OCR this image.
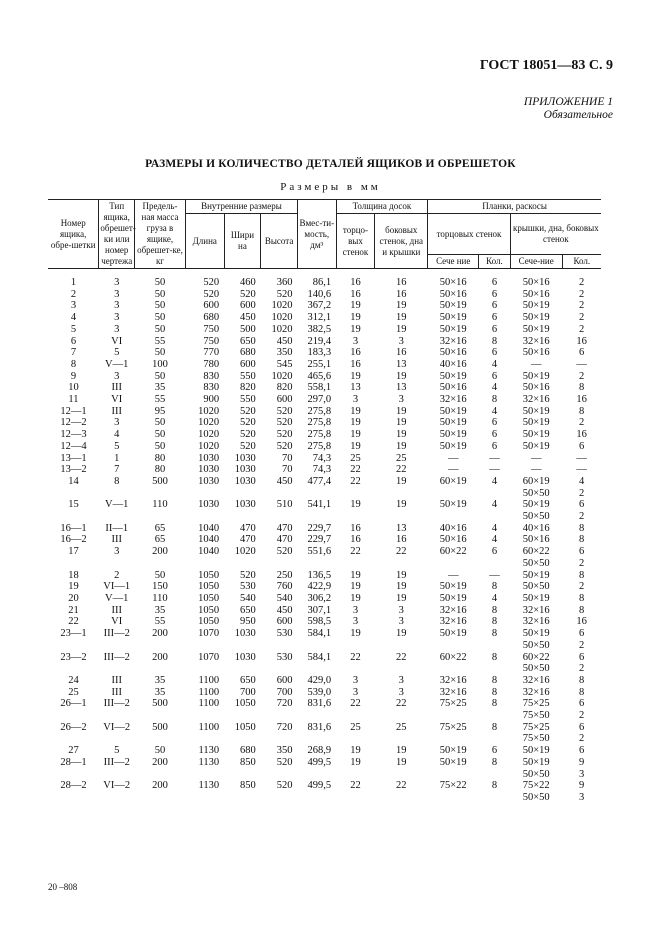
ГОСТ 18051—83 С. 9
ПРИЛОЖЕНИЕ 1
Обязательное
РАЗМЕРЫ И КОЛИЧЕСТВО ДЕТАЛЕЙ ЯЩИКОВ И ОБРЕШЕТОК
Размеры в мм
Номер ящика, обре-шетки	Тип ящика, обрешет-ки или номер чертежа	Предель-ная масса груза в ящике, обрешет-ке, кг	Внутренние размеры			Вмес-ти-мость, дм³	Толщина досок		Планки, раскосы			
			Длина	Шири на	Высота		торцо-вых стенок	боковых стенок, дна и крышки	торцовых стенок		крышки, дна, боковых стенок	
									Сече ние	Кол.	Сече-ние	Кол.

1	3	50	520	460	360	86,1	16	16	50×16	6	50×16	2
2	3	50	520	520	520	140,6	16	16	50×16	6	50×16	2
3	3	50	600	600	1020	367,2	19	19	50×19	6	50×19	2
4	3	50	680	450	1020	312,1	19	19	50×19	6	50×19	2
5	3	50	750	500	1020	382,5	19	19	50×19	6	50×19	2
6	VI	55	750	650	450	219,4	3	3	32×16	8	32×16	16
7	5	50	770	680	350	183,3	16	16	50×16	6	50×16	6
8	V—1	100	780	600	545	255,1	16	13	40×16	4	—	—
9	3	50	830	550	1020	465,6	19	19	50×19	6	50×19	2
10	III	35	830	820	820	558,1	13	13	50×16	4	50×16	8
11	VI	55	900	550	600	297,0	3	3	32×16	8	32×16	16
12—1	III	95	1020	520	520	275,8	19	19	50×19	4	50×19	8
12—2	3	50	1020	520	520	275,8	19	19	50×19	6	50×19	2
12—3	4	50	1020	520	520	275,8	19	19	50×19	6	50×19	16
12—4	5	50	1020	520	520	275,8	19	19	50×19	6	50×19	6
13—1	1	80	1030	1030	70	74,3	25	25	—	—	—	—
13—2	7	80	1030	1030	70	74,3	22	22	—	—	—	—
14	8	500	1030	1030	450	477,4	22	19	60×19	4	60×19	4
											50×50	2
15	V—1	110	1030	1030	510	541,1	19	19	50×19	4	50×19	6
											50×50	2
16—1	II—1	65	1040	470	470	229,7	16	13	40×16	4	40×16	8
16—2	III	65	1040	470	470	229,7	16	16	50×16	4	50×16	8
17	3	200	1040	1020	520	551,6	22	22	60×22	6	60×22	6
											50×50	2
18	2	50	1050	520	250	136,5	19	19	—	—	50×19	8
19	VI—1	150	1050	530	760	422,9	19	19	50×19	8	50×50	2
20	V—1	110	1050	540	540	306,2	19	19	50×19	4	50×19	8
21	III	35	1050	650	450	307,1	3	3	32×16	8	32×16	8
22	VI	55	1050	950	600	598,5	3	3	32×16	8	32×16	16
23—1	III—2	200	1070	1030	530	584,1	19	19	50×19	8	50×19	6
											50×50	2
23—2	III—2	200	1070	1030	530	584,1	22	22	60×22	8	60×22	6
											50×50	2
24	III	35	1100	650	600	429,0	3	3	32×16	8	32×16	8
25	III	35	1100	700	700	539,0	3	3	32×16	8	32×16	8
26—1	III—2	500	1100	1050	720	831,6	22	22	75×25	8	75×25	6
											75×50	2
26—2	VI—2	500	1100	1050	720	831,6	25	25	75×25	8	75×25	6
											75×50	2
27	5	50	1130	680	350	268,9	19	19	50×19	6	50×19	6
28—1	III—2	200	1130	850	520	499,5	19	19	50×19	8	50×19	9
											50×50	3
28—2	VI—2	200	1130	850	520	499,5	22	22	75×22	8	75×22	9
											50×50	3
20 –808
